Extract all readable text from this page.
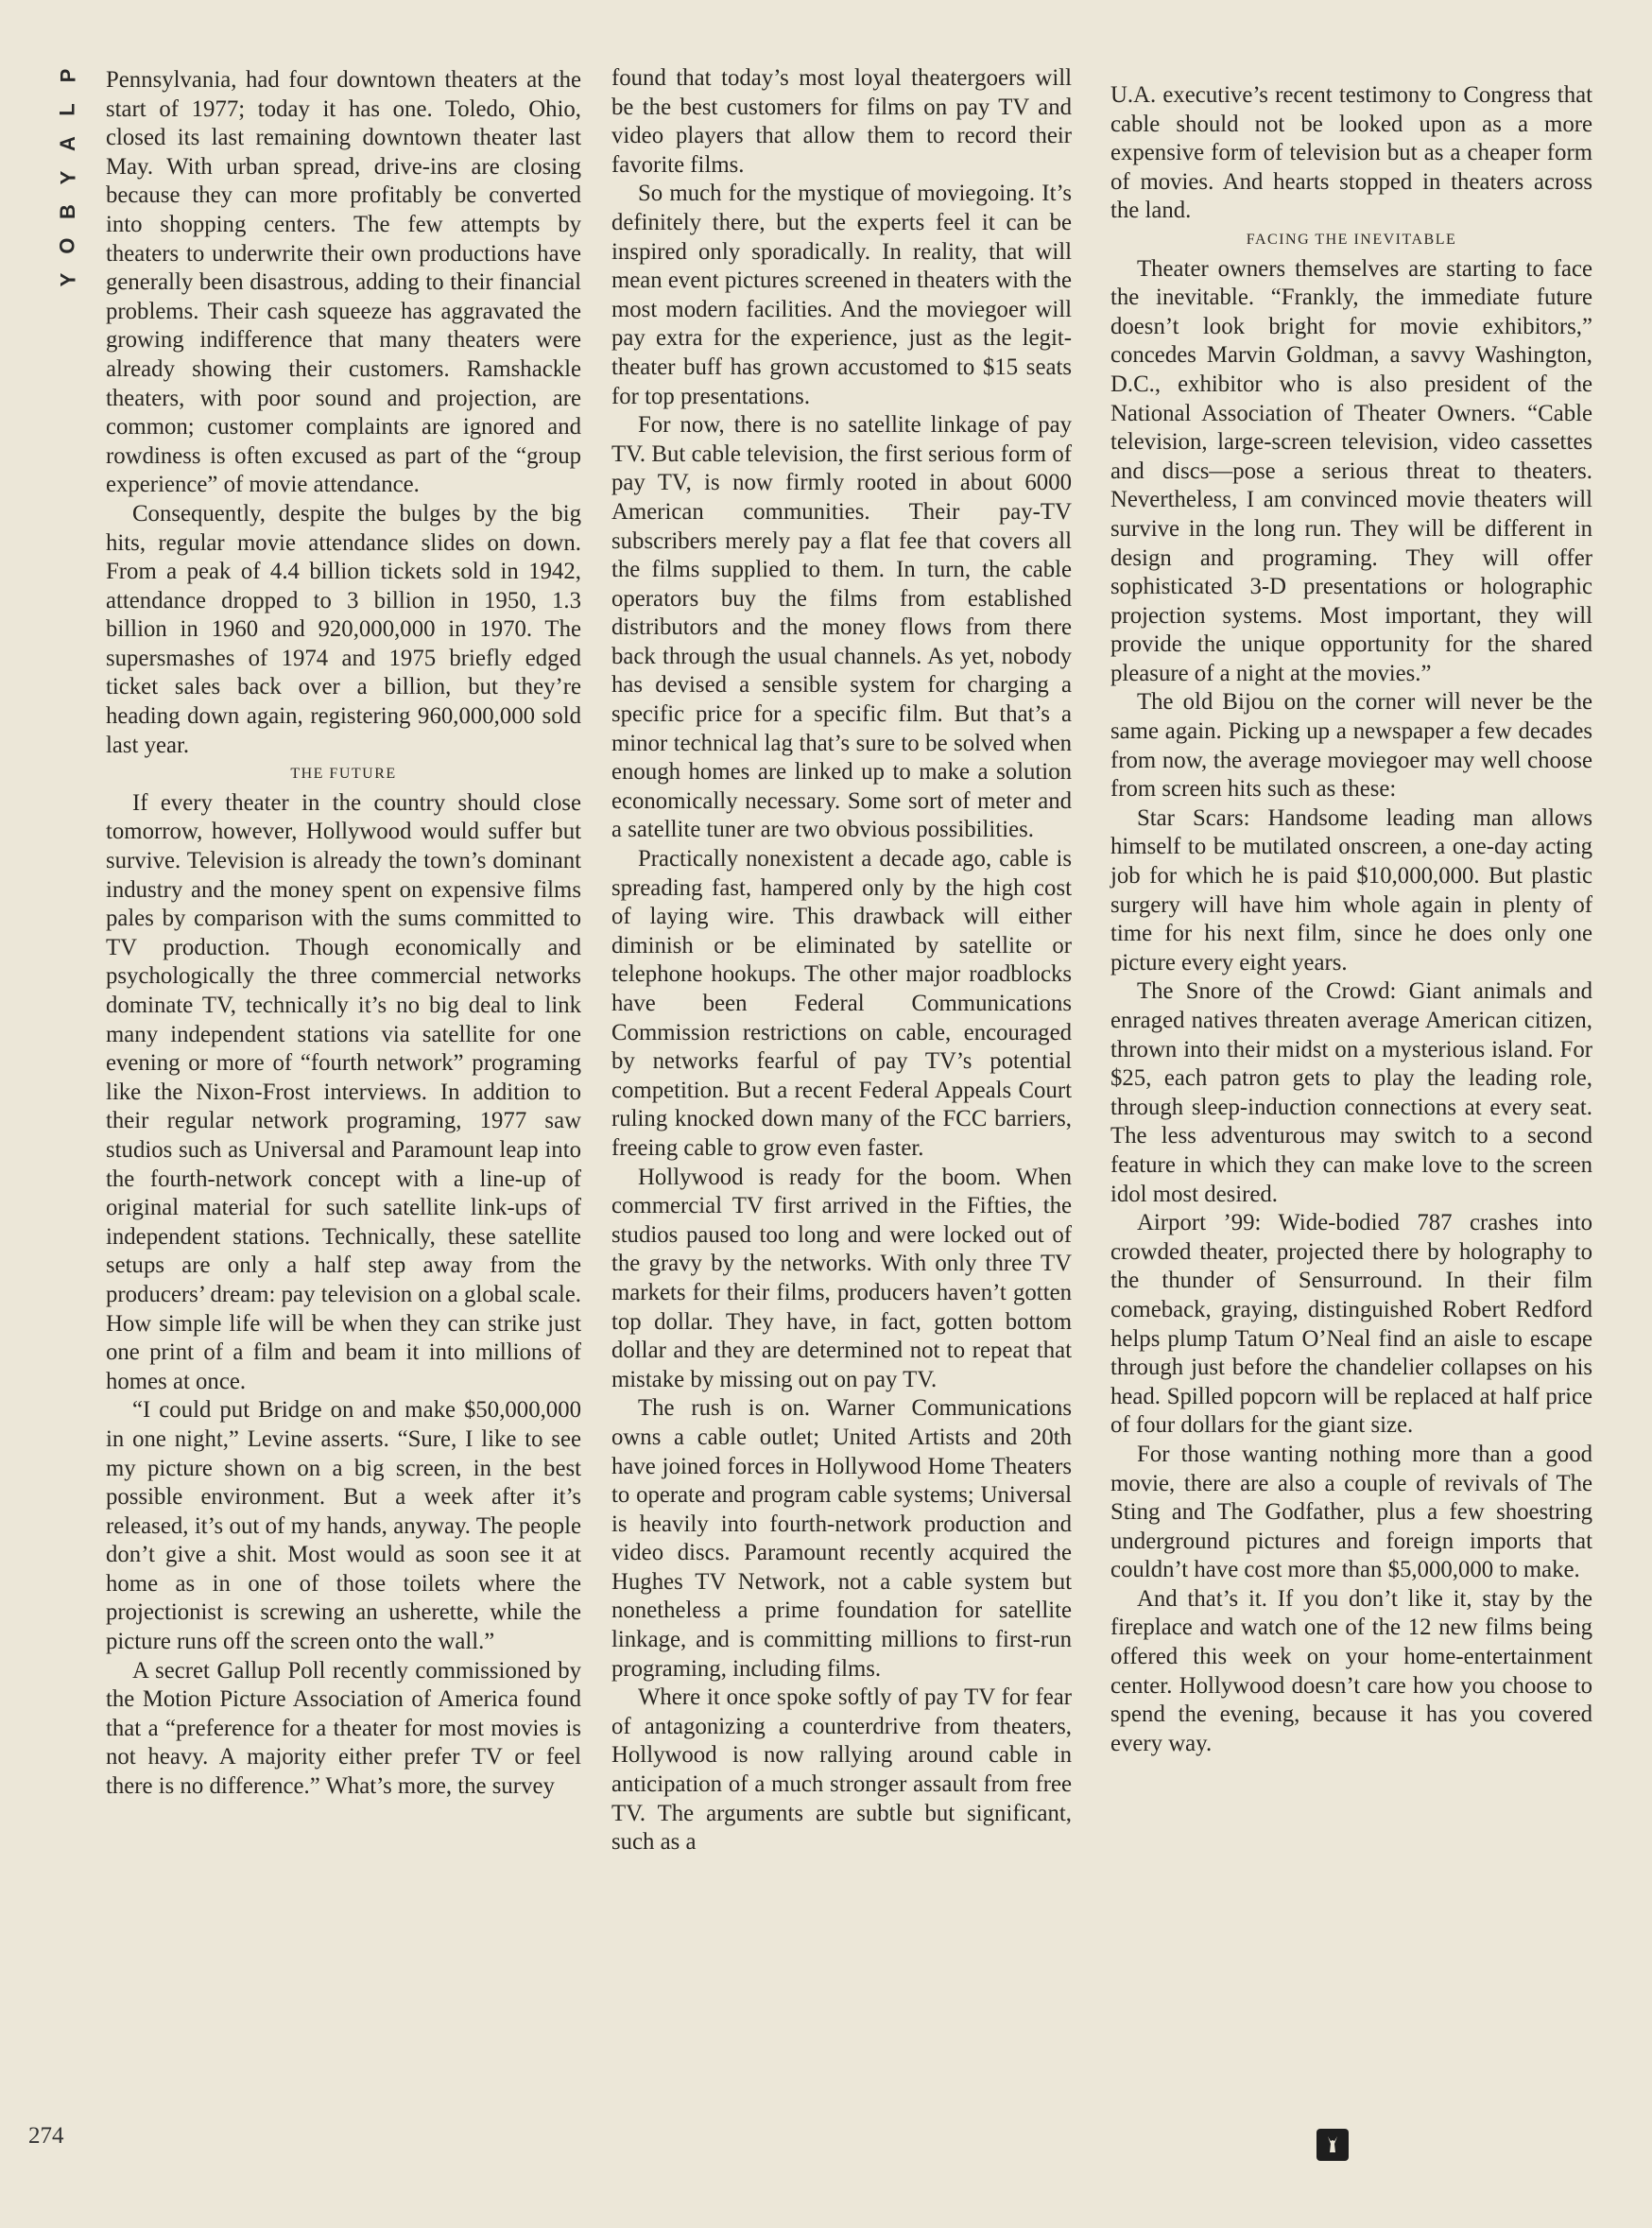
P
L
A
Y
B
O
Y

Pennsylvania, had four downtown theaters at the start of 1977; today it has one. Toledo, Ohio, closed its last remaining downtown theater last May. With urban spread, drive-ins are closing because they can more profitably be converted into shopping centers. The few attempts by theaters to underwrite their own productions have generally been disastrous, adding to their financial problems. Their cash squeeze has aggravated the growing indifference that many theaters were already showing their customers. Ramshackle theaters, with poor sound and projection, are common; customer complaints are ignored and rowdiness is often excused as part of the “group experience” of movie attendance.

Consequently, despite the bulges by the big hits, regular movie attendance slides on down. From a peak of 4.4 billion tickets sold in 1942, attendance dropped to 3 billion in 1950, 1.3 billion in 1960 and 920,000,000 in 1970. The supersmashes of 1974 and 1975 briefly edged ticket sales back over a billion, but they’re heading down again, registering 960,000,000 sold last year.

THE FUTURE

If every theater in the country should close tomorrow, however, Hollywood would suffer but survive. Television is already the town’s dominant industry and the money spent on expensive films pales by comparison with the sums committed to TV production. Though economically and psychologically the three commercial networks dominate TV, technically it’s no big deal to link many independent stations via satellite for one evening or more of “fourth network” programing like the Nixon-Frost interviews. In addition to their regular network programing, 1977 saw studios such as Universal and Paramount leap into the fourth-network concept with a line-up of original material for such satellite link-ups of independent stations. Technically, these satellite setups are only a half step away from the producers’ dream: pay television on a global scale. How simple life will be when they can strike just one print of a film and beam it into millions of homes at once.

“I could put Bridge on and make $50,000,000 in one night,” Levine asserts. “Sure, I like to see my picture shown on a big screen, in the best possible environment. But a week after it’s released, it’s out of my hands, anyway. The people don’t give a shit. Most would as soon see it at home as in one of those toilets where the projectionist is screwing an usherette, while the picture runs off the screen onto the wall.”

A secret Gallup Poll recently commissioned by the Motion Picture Association of America found that a “preference for a theater for most movies is not heavy. A majority either prefer TV or feel there is no difference.” What’s more, the survey

found that today’s most loyal theatergoers will be the best customers for films on pay TV and video players that allow them to record their favorite films.

So much for the mystique of moviegoing. It’s definitely there, but the experts feel it can be inspired only sporadically. In reality, that will mean event pictures screened in theaters with the most modern facilities. And the moviegoer will pay extra for the experience, just as the legit-theater buff has grown accustomed to $15 seats for top presentations.

For now, there is no satellite linkage of pay TV. But cable television, the first serious form of pay TV, is now firmly rooted in about 6000 American communities. Their pay-TV subscribers merely pay a flat fee that covers all the films supplied to them. In turn, the cable operators buy the films from established distributors and the money flows from there back through the usual channels. As yet, nobody has devised a sensible system for charging a specific price for a specific film. But that’s a minor technical lag that’s sure to be solved when enough homes are linked up to make a solution economically necessary. Some sort of meter and a satellite tuner are two obvious possibilities.

Practically nonexistent a decade ago, cable is spreading fast, hampered only by the high cost of laying wire. This drawback will either diminish or be eliminated by satellite or telephone hookups. The other major roadblocks have been Federal Communications Commission restrictions on cable, encouraged by networks fearful of pay TV’s potential competition. But a recent Federal Appeals Court ruling knocked down many of the FCC barriers, freeing cable to grow even faster.

Hollywood is ready for the boom. When commercial TV first arrived in the Fifties, the studios paused too long and were locked out of the gravy by the networks. With only three TV markets for their films, producers haven’t gotten top dollar. They have, in fact, gotten bottom dollar and they are determined not to repeat that mistake by missing out on pay TV.

The rush is on. Warner Communications owns a cable outlet; United Artists and 20th have joined forces in Hollywood Home Theaters to operate and program cable systems; Universal is heavily into fourth-network production and video discs. Paramount recently acquired the Hughes TV Network, not a cable system but nonetheless a prime foundation for satellite linkage, and is committing millions to first-run programing, including films.

Where it once spoke softly of pay TV for fear of antagonizing a counterdrive from theaters, Hollywood is now rallying around cable in anticipation of a much stronger assault from free TV. The arguments are subtle but significant, such as a

U.A. executive’s recent testimony to Congress that cable should not be looked upon as a more expensive form of television but as a cheaper form of movies. And hearts stopped in theaters across the land.

FACING THE INEVITABLE

Theater owners themselves are starting to face the inevitable. “Frankly, the immediate future doesn’t look bright for movie exhibitors,” concedes Marvin Goldman, a savvy Washington, D.C., exhibitor who is also president of the National Association of Theater Owners. “Cable television, large-screen television, video cassettes and discs—pose a serious threat to theaters. Nevertheless, I am convinced movie theaters will survive in the long run. They will be different in design and programing. They will offer sophisticated 3-D presentations or holographic projection systems. Most important, they will provide the unique opportunity for the shared pleasure of a night at the movies.”

The old Bijou on the corner will never be the same again. Picking up a newspaper a few decades from now, the average moviegoer may well choose from screen hits such as these:

Star Scars: Handsome leading man allows himself to be mutilated onscreen, a one-day acting job for which he is paid $10,000,000. But plastic surgery will have him whole again in plenty of time for his next film, since he does only one picture every eight years.

The Snore of the Crowd: Giant animals and enraged natives threaten average American citizen, thrown into their midst on a mysterious island. For $25, each patron gets to play the leading role, through sleep-induction connections at every seat. The less adventurous may switch to a second feature in which they can make love to the screen idol most desired.

Airport ’99: Wide-bodied 787 crashes into crowded theater, projected there by holography to the thunder of Sensurround. In their film comeback, graying, distinguished Robert Redford helps plump Tatum O’Neal find an aisle to escape through just before the chandelier collapses on his head. Spilled popcorn will be replaced at half price of four dollars for the giant size.

For those wanting nothing more than a good movie, there are also a couple of revivals of The Sting and The Godfather, plus a few shoestring underground pictures and foreign imports that couldn’t have cost more than $5,000,000 to make.

And that’s it. If you don’t like it, stay by the fireplace and watch one of the 12 new films being offered this week on your home-entertainment center. Hollywood doesn’t care how you choose to spend the evening, because it has you covered every way.

274
